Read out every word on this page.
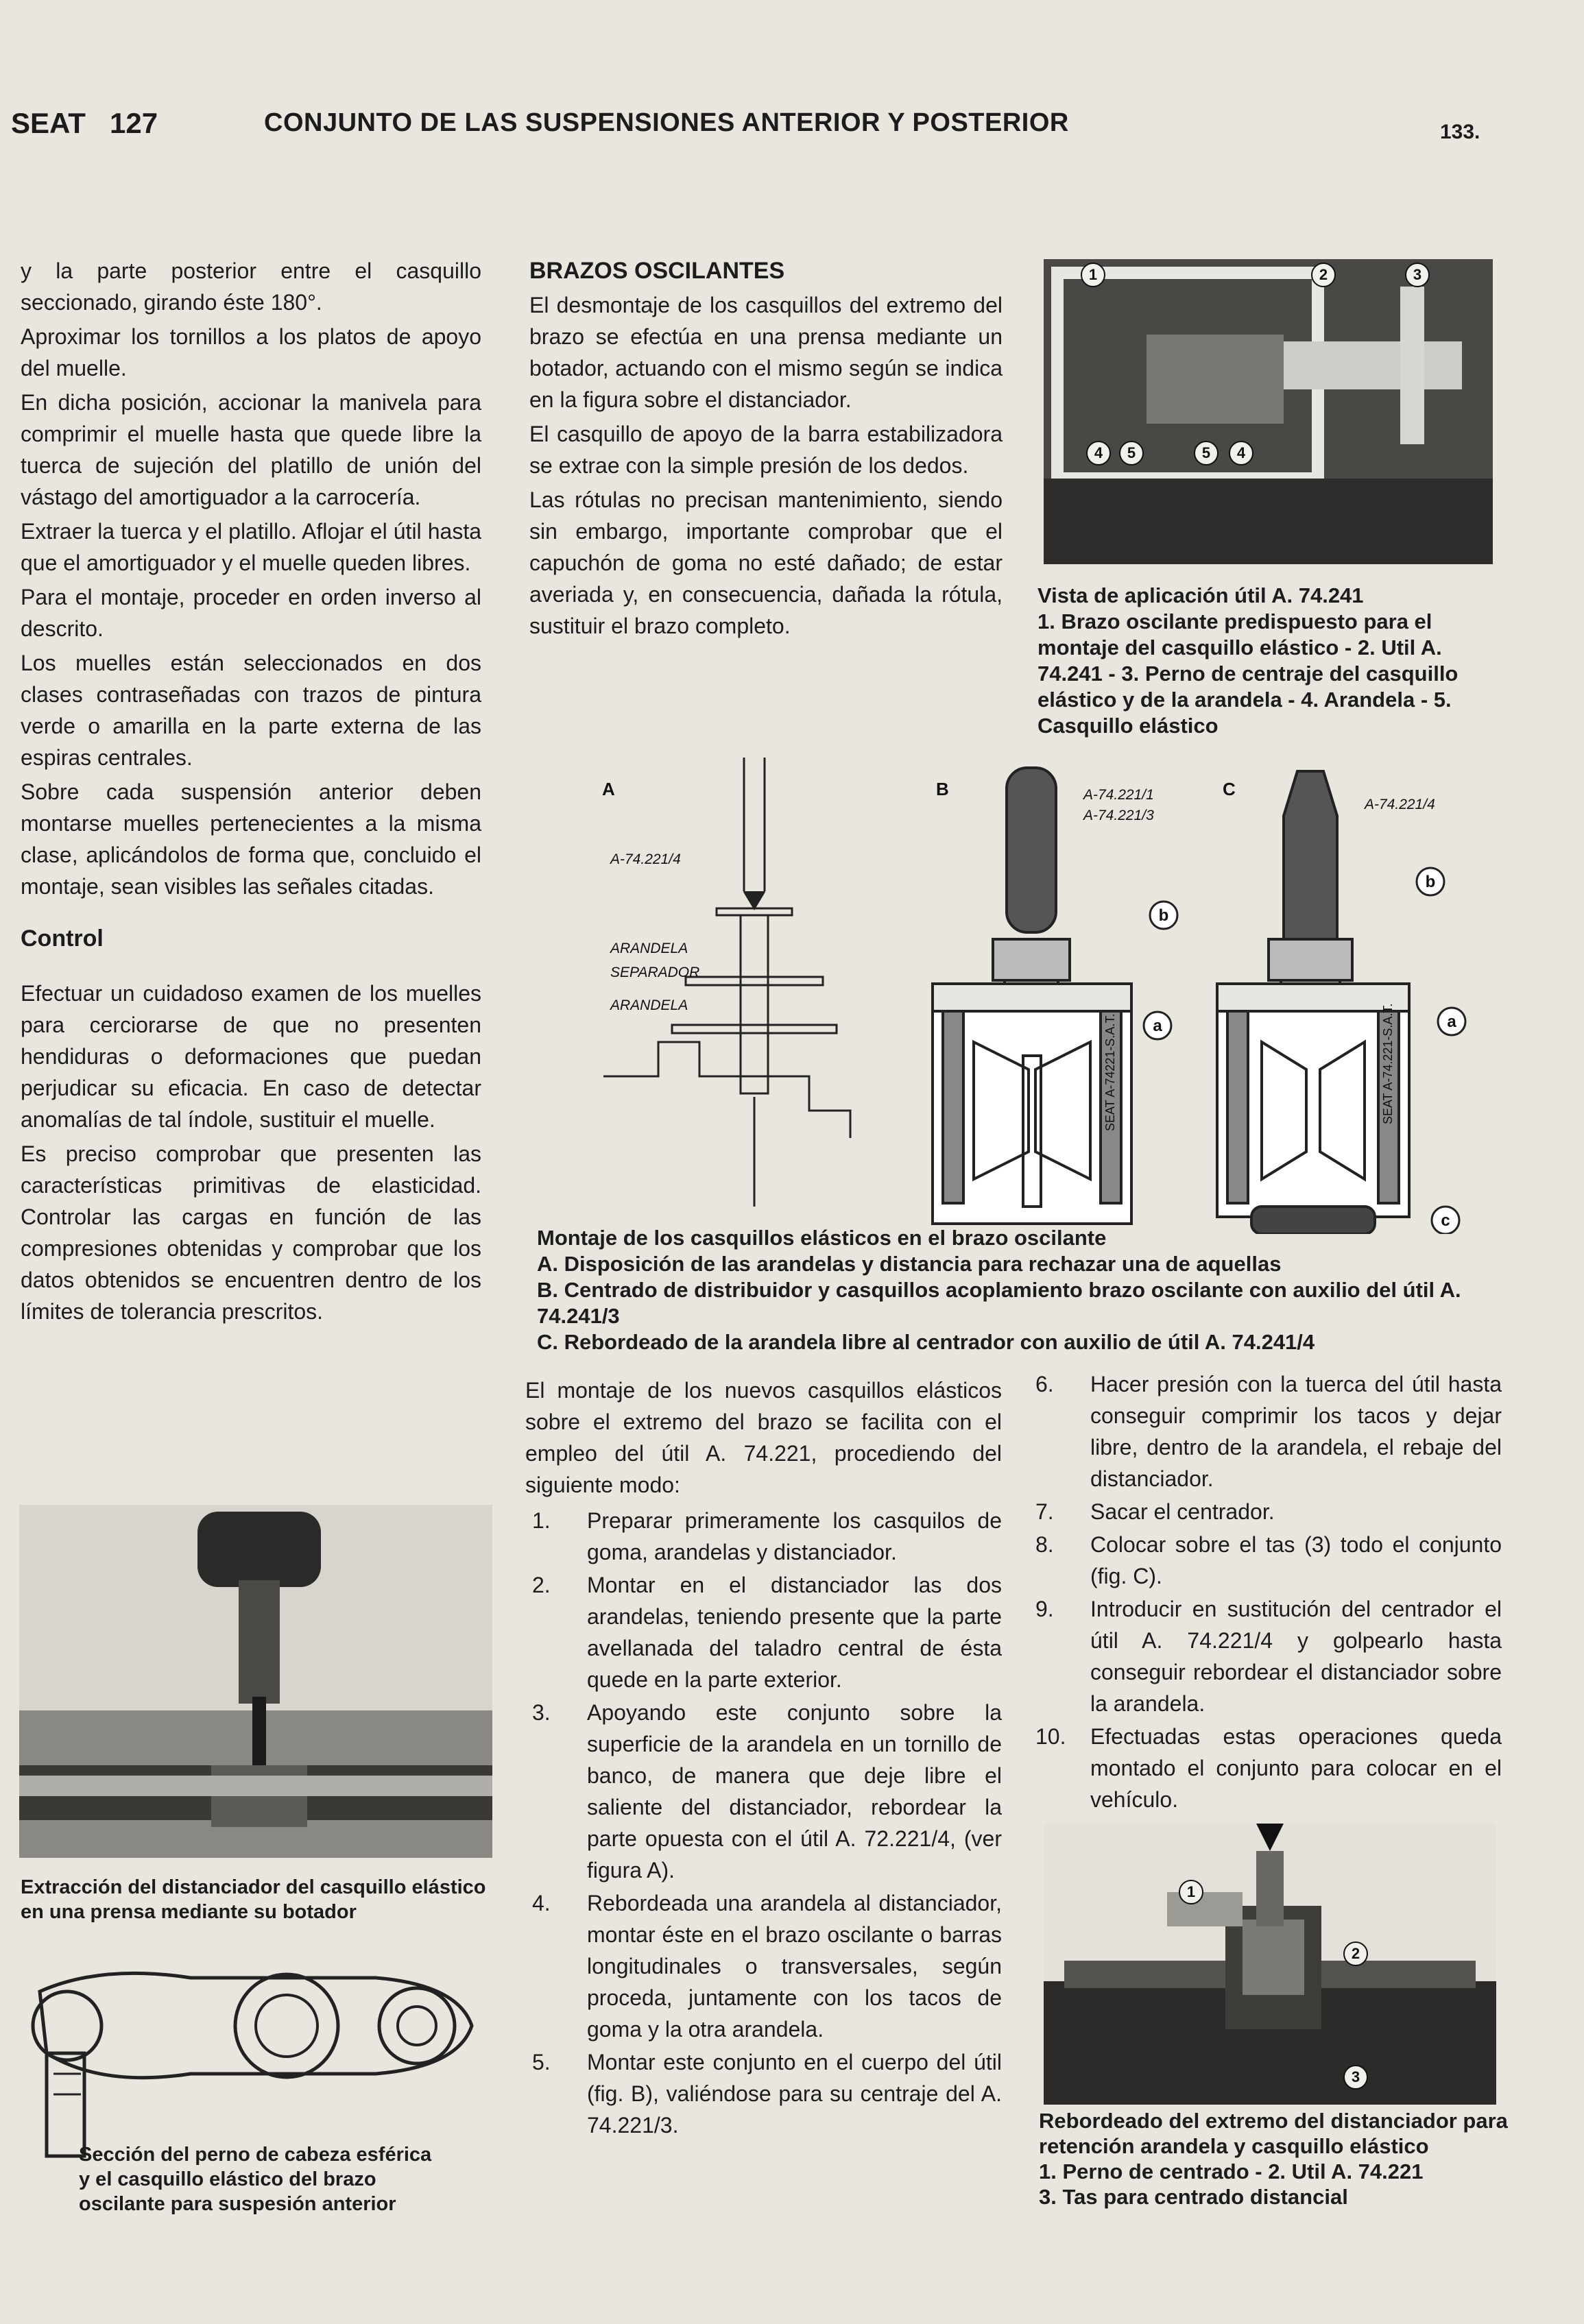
SEAT 127	CONJUNTO DE LAS SUSPENSIONES ANTERIOR Y POSTERIOR	133.

y la parte posterior entre el casquillo seccionado, girando éste 180°.

Aproximar los tornillos a los platos de apoyo del muelle.

En dicha posición, accionar la manivela para comprimir el muelle hasta que quede libre la tuerca de sujeción del platillo de unión del vástago del amortiguador a la carrocería.

Extraer la tuerca y el platillo. Aflojar el útil hasta que el amortiguador y el muelle queden libres.

Para el montaje, proceder en orden inverso al descrito.

Los muelles están seleccionados en dos clases contraseñadas con trazos de pintura verde o amarilla en la parte externa de las espiras centrales.

Sobre cada suspensión anterior deben montarse muelles pertenecientes a la misma clase, aplicándolos de forma que, concluido el montaje, sean visibles las señales citadas.

Control

Efectuar un cuidadoso examen de los muelles para cerciorarse de que no presenten hendiduras o deformaciones que puedan perjudicar su eficacia. En caso de detectar anomalías de tal índole, sustituir el muelle.

Es preciso comprobar que presenten las características primitivas de elasticidad. Controlar las cargas en función de las compresiones obtenidas y comprobar que los datos obtenidos se encuentren dentro de los límites de tolerancia prescritos.

Extracción del distanciador del casquillo elástico en una prensa mediante su botador
Sección del perno de cabeza esférica y el casquillo elástico del brazo oscilante para suspesión anterior

BRAZOS OSCILANTES

El desmontaje de los casquillos del extremo del brazo se efectúa en una prensa mediante un botador, actuando con el mismo según se indica en la figura sobre el distanciador.

El casquillo de apoyo de la barra estabilizadora se extrae con la simple presión de los dedos.

Las rótulas no precisan mantenimiento, siendo sin embargo, importante comprobar que el capuchón de goma no esté dañado; de estar averiada y, en consecuencia, dañada la rótula, sustituir el brazo completo.

1	2	3
4 5	5 4
Vista de aplicación útil A. 74.241
1. Brazo oscilante predispuesto para el montaje del casquillo elástico - 2. Util A. 74.241 - 3. Perno de centraje del casquillo elástico y de la arandela - 4. Arandela - 5. Casquillo elástico
A	B	C
A-74.221/4
ARANDELA
SEPARADOR
ARANDELA
SEAT A-74221-S.A.T.	SEAT A-74.221-S.A.T.
A-74.221/1
A-74.221/3
A-74.221/4
a
b
a
b
c
Montaje de los casquillos elásticos en el brazo oscilante
A. Disposición de las arandelas y distancia para rechazar una de aquellas
B. Centrado de distribuidor y casquillos acoplamiento brazo oscilante con auxilio del útil A. 74.241/3
C. Rebordeado de la arandela libre al centrador con auxilio de útil A. 74.241/4

El montaje de los nuevos casquillos elásticos sobre el extremo del brazo se facilita con el empleo del útil A. 74.221, procediendo del siguiente modo:

1.	Preparar primeramente los casquilos de goma, arandelas y distanciador.
2.	Montar en el distanciador las dos arandelas, teniendo presente que la parte avellanada del taladro central de ésta quede en la parte exterior.
3.	Apoyando este conjunto sobre la superficie de la arandela en un tornillo de banco, de manera que deje libre el saliente del distanciador, rebordear la parte opuesta con el útil A. 72.221/4, (ver figura A).
4.	Rebordeada una arandela al distanciador, montar éste en el brazo oscilante o barras longitudinales o transversales, según proceda, juntamente con los tacos de goma y la otra arandela.
5.	Montar este conjunto en el cuerpo del útil (fig. B), valiéndose para su centraje del A. 74.221/3.
6.	Hacer presión con la tuerca del útil hasta conseguir comprimir los tacos y dejar libre, dentro de la arandela, el rebaje del distanciador.
7.	Sacar el centrador.
8.	Colocar sobre el tas (3) todo el conjunto (fig. C).
9.	Introducir en sustitución del centrador el útil A. 74.221/4 y golpearlo hasta conseguir rebordear el distanciador sobre la arandela.
10.	Efectuadas estas operaciones queda montado el conjunto para colocar en el vehículo.
1
2
3
Rebordeado del extremo del distanciador para retención arandela y casquillo elástico
1. Perno de centrado - 2. Util A. 74.221
3. Tas para centrado distancial
